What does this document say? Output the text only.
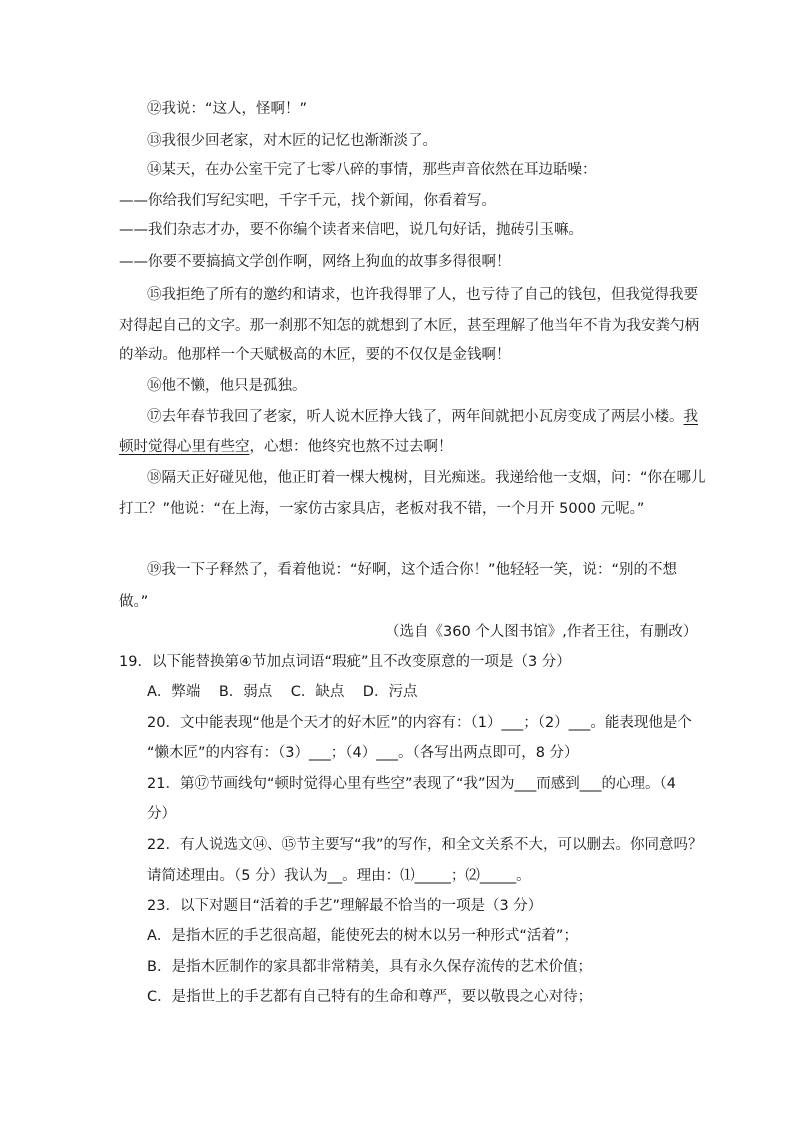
⑫我说：“这人，怪啊！”
⑬我很少回老家，对木匠的记忆也渐渐淡了。
⑭某天，在办公室干完了七零八碎的事情，那些声音依然在耳边聒噪：
——你给我们写纪实吧，千字千元，找个新闻，你看着写。
——我们杂志才办，要不你编个读者来信吧，说几句好话，抛砖引玉嘛。
——你要不要搞搞文学创作啊，网络上狗血的故事多得很啊！
⑮我拒绝了所有的邀约和请求，也许我得罪了人，也亏待了自己的钱包，但我觉得我要
对得起自己的文字。那一刹那不知怎的就想到了木匠，甚至理解了他当年不肯为我安粪勺柄
的举动。他那样一个天赋极高的木匠，要的不仅仅是金钱啊！
⑯他不懒，他只是孤独。
⑰去年春节我回了老家，听人说木匠挣大钱了，两年间就把小瓦房变成了两层小楼。我
顿时觉得心里有些空，心想：他终究也熬不过去啊！
⑱隔天正好碰见他，他正盯着一棵大槐树，目光痴迷。我递给他一支烟，问：“你在哪儿
打工？”他说：“在上海，一家仿古家具店，老板对我不错，一个月开 5000 元呢。”
⑲我一下子释然了，看着他说：“好啊，这个适合你！”他轻轻一笑，说：“别的不想
做。”
（选自《360 个人图书馆》,作者王往，有删改）
19．以下能替换第④节加点词语“瑕疵”且不改变原意的一项是（3 分）
A．弊端    B．弱点    C．缺点    D．污点
20．文中能表现“他是个天才的好木匠”的内容有：（1）___；（2）___。能表现他是个
“懒木匠”的内容有：（3）___；（4）___。（各写出两点即可，8 分）
21．第⑰节画线句“顿时觉得心里有些空”表现了“我”因为___而感到___的心理。（4
分）
22．有人说选文⑭、⑮节主要写“我”的写作，和全文关系不大，可以删去。你同意吗？
请简述理由。（5 分）我认为__。理由：⑴_____；⑵_____。
23．以下对题目“活着的手艺”理解最不恰当的一项是（3 分）
A．是指木匠的手艺很高超，能使死去的树木以另一种形式“活着”；
B．是指木匠制作的家具都非常精美，具有永久保存流传的艺术价值；
C．是指世上的手艺都有自己特有的生命和尊严，要以敬畏之心对待；
